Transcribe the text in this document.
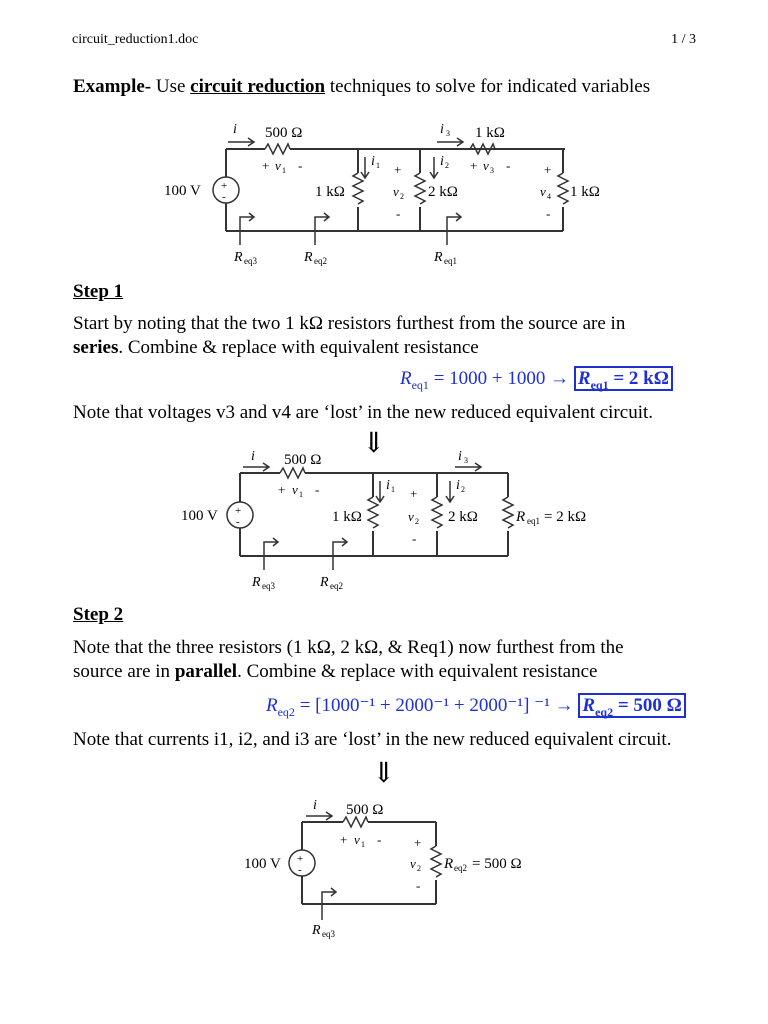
circuit_reduction1.doc	1 / 3
Example- Use circuit reduction techniques to solve for indicated variables
+
-
100 V
500 Ω	1 kΩ
1 kΩ	2 kΩ	1 kΩ
i	i 3
i 1	i 2
+ v 1 -	+
v 2
-
+ v 3 -	+
v 4
-
R eq3	R eq2	R eq1
Step 1
Start by noting that the two 1 kΩ resistors furthest from the source are in
series. Combine & replace with equivalent resistance
$R_{eq1} = 1000 + 1000 \to R_{eq1} = 2$ kΩ
Note that voltages v3 and v4 are ‘lost’ in the new reduced equivalent circuit.
⇓
+
-
100 V
500 Ω
1 kΩ	2 kΩ	R eq1 = 2 kΩ
i	i 3
i 1	i 2
+ v 1 -	+
v 2
-
R eq3	R eq2
Step 2
Note that the three resistors (1 kΩ, 2 kΩ, & Req1) now furthest from the
source are in parallel. Combine & replace with equivalent resistance
$R_{eq2} = [1000^{-1} + 2000^{-1} + 2000^{-1}] ^{-1} \to R_{eq2} = 500$ Ω
Note that currents i1, i2, and i3 are ‘lost’ in the new reduced equivalent circuit.
⇓
+
-
100 V
500 Ω
R eq2 = 500 Ω
i
+ v 1 -	+
v 2
-
R eq3
